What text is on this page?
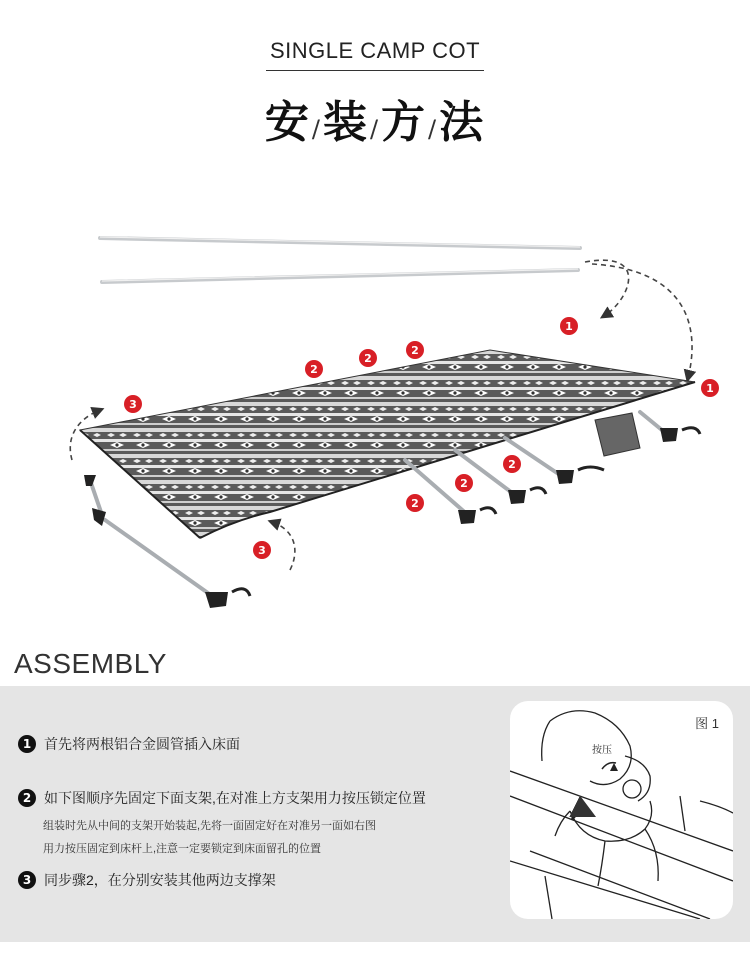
SINGLE CAMP COT
安/装/方/法
1
1
2
2
2
2
2
2
3
3
ASSEMBLY
1 首先将两根铝合金圆管插入床面
2 如下图顺序先固定下面支架,在对准上方支架用力按压锁定位置
组装时先从中间的支架开始装起,先将一面固定好在对准另一面如右图
用力按压固定到床杆上,注意一定要锁定到床面留孔的位置
3 同步骤2，在分别安装其他两边支撑架
图 1
按压
